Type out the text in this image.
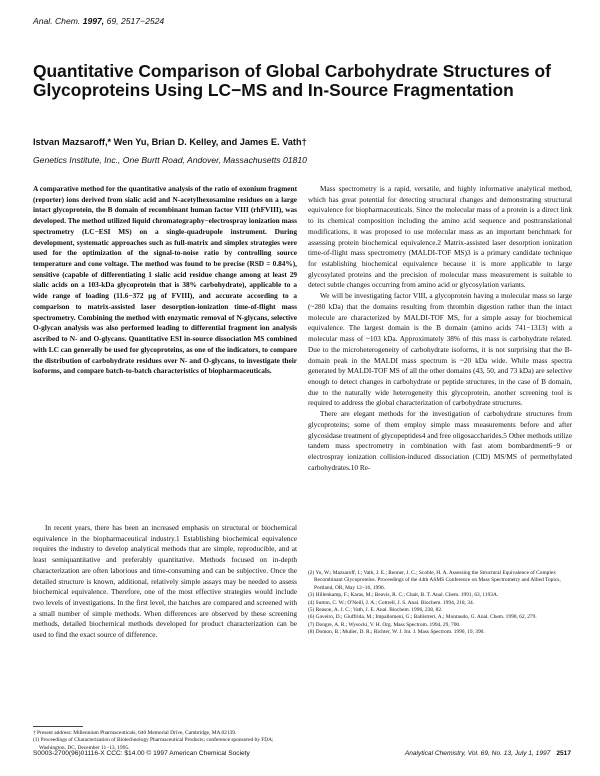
Anal. Chem. 1997, 69, 2517−2524
Quantitative Comparison of Global Carbohydrate Structures of Glycoproteins Using LC−MS and In-Source Fragmentation
Istvan Mazsaroff,* Wen Yu, Brian D. Kelley, and James E. Vath†
Genetics Institute, Inc., One Burtt Road, Andover, Massachusetts 01810

A comparative method for the quantitative analysis of the ratio of oxonium fragment (reporter) ions derived from sialic acid and N-acetylhexosamine residues on a large intact glycoprotein, the B domain of recombinant human factor VIII (rhFVIII), was developed. The method utilized liquid chromatography−electrospray ionization mass spectrometry (LC−ESI MS) on a single-quadrupole instrument. During development, systematic approaches such as full-matrix and simplex strategies were used for the optimization of the signal-to-noise ratio by controlling source temperature and cone voltage. The method was found to be precise (RSD = 0.84%), sensitive (capable of differentiating 1 sialic acid residue change among at least 29 sialic acids on a 103-kDa glycoprotein that is 38% carbohydrate), applicable to a wide range of loading (11.6−372 μg of FVIII), and accurate according to a comparison to matrix-assisted laser desorption-ionization time-of-flight mass spectrometry. Combining the method with enzymatic removal of N-glycans, selective O-glycan analysis was also performed leading to differential fragment ion analysis ascribed to N- and O-glycans. Quantitative ESI in-source dissociation MS combined with LC can generally be used for glycoproteins, as one of the indicators, to compare the distribution of carbohydrate residues over N- and O-glycans, to investigate their isoforms, and compare batch-to-batch characteristics of biopharmaceuticals.

In recent years, there has been an increased emphasis on structural or biochemical equivalence in the biopharmaceutical industry.1 Establishing biochemical equivalence requires the industry to develop analytical methods that are simple, reproducible, and at least semiquantitative and preferably quantitative. Methods focused on in-depth characterization are often laborious and time-consuming and can be subjective. Once the detailed structure is known, additional, relatively simple assays may be needed to assess biochemical equivalence. Therefore, one of the most effective strategies would include two levels of investigations. In the first level, the batches are compared and screened with a small number of simple methods. When differences are observed by these screening methods, detailed biochemical methods developed for product characterization can be used to find the exact source of difference.

Mass spectrometry is a rapid, versatile, and highly informative analytical method, which has great potential for detecting structural changes and demonstrating structural equivalence for biopharmaceuticals. Since the molecular mass of a protein is a direct link to its chemical composition including the amino acid sequence and posttranslational modifications, it was proposed to use molecular mass as an important benchmark for assessing protein biochemical equivalence.2 Matrix-assisted laser desorption ionization time-of-flight mass spectrometry (MALDI-TOF MS)3 is a primary candidate technique for establishing biochemical equivalence because it is more applicable to large glycosylated proteins and the precision of molecular mass measurement is suitable to detect subtle changes occurring from amino acid or glycosylation variants.

We will be investigating factor VIII, a glycoprotein having a molecular mass so large (~280 kDa) that the domains resulting from thrombin digestion rather than the intact molecule are characterized by MALDI-TOF MS, for a simple assay for biochemical equivalence. The largest domain is the B domain (amino acids 741−1313) with a molecular mass of ~103 kDa. Approximately 38% of this mass is carbohydrate related. Due to the microheterogeneity of carbohydrate isoforms, it is not surprising that the B-domain peak in the MALDI mass spectrum is ~20 kDa wide. While mass spectra generated by MALDI-TOF MS of all the other domains (43, 50, and 73 kDa) are selective enough to detect changes in carbohydrate or peptide structures, in the case of B domain, due to the naturally wide heterogeneity this glycoprotein, another screening tool is required to address the global characterization of carbohydrate structures.

There are elegant methods for the investigation of carbohydrate structures from glycoproteins; some of them employ simple mass measurements before and after glycosidase treatment of glycopeptides4 and free oligosaccharides.5 Other methods utilize tandem mass spectrometry in combination with fast atom bombardment6−9 or electrospray ionization collision-induced dissociation (CID) MS/MS of permethylated carbohydrates.10 Re-

† Present address: Millennium Pharmaceuticals, 640 Memorial Drive, Cambridge, MA 02139.
(1) Proceedings of Characterization of Biotechnology Pharmaceutical Products; conference sponsored by FDA; Washington, DC, December 11−13, 1995.
(2) Yu, W.; Mazsaroff, I.; Vath, J. E.; Renner, J. C.; Scoble, H. A. Assessing the Structural Equivalence of Complex Recombinant Glycoproteins. Proceedings of the 44th ASMS Conference on Mass Spectrometry and Allied Topics, Portland, OR, May 12−16, 1996.
(3) Hillenkamp, F.; Karas, M.; Beavis, R. C.; Chait, B. T. Anal. Chem. 1991, 63, 1193A.
(4) Sutton, C. W.; O'Neill, J. A.; Cottrell, J. S. Anal. Biochem. 1994, 218, 34.
(5) Reason, A. J. C.; Vath, J. E. Anal. Biochem. 1996, 238, 82.
(6) Gaveiro, D.; Giuffrida, M.; Impallomeni, G.; Ballistreri, A.; Montaudo, G. Anal. Chem. 1990, 62, 279.
(7) Dongre, A. R.; Wysocki, V. H. Org. Mass Spectrom. 1994, 29, 700.
(8) Domon, B.; Muller, D. R.; Richter, W. J. Int. J. Mass Spectrom. 1990, 19, 390.
S0003-2700(96)01116-X CCC: $14.00 © 1997 American Chemical Society	Analytical Chemistry, Vol. 69, No. 13, July 1, 1997 2517
